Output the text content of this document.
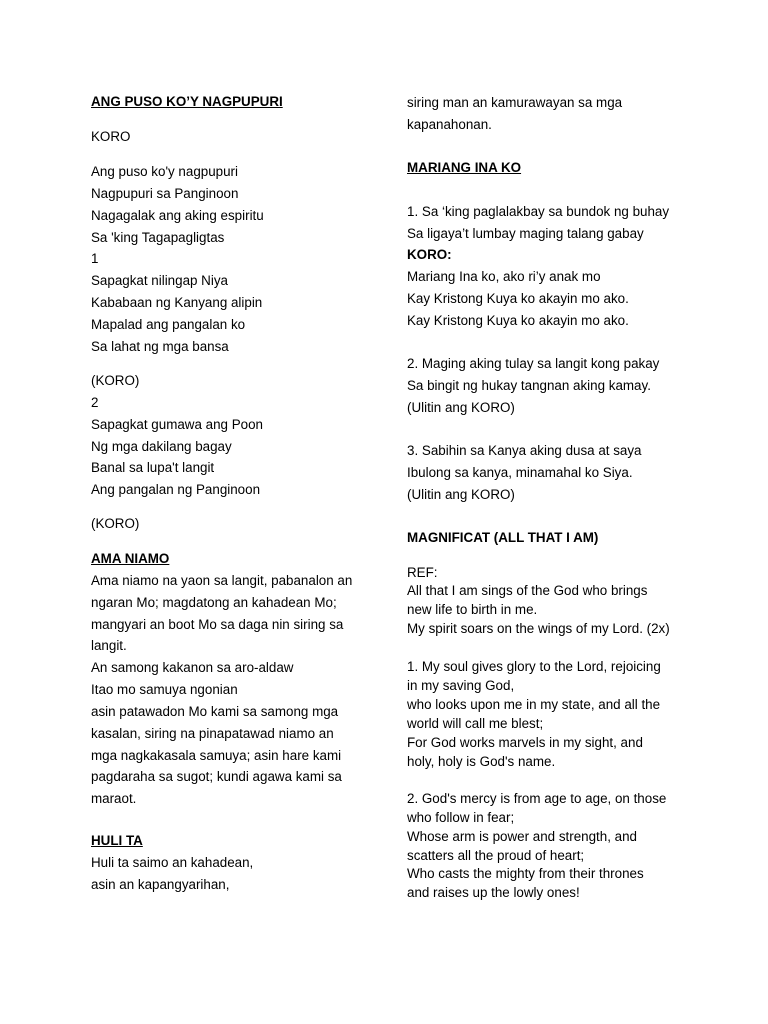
ANG PUSO KO’Y NAGPUPURI
KORO
Ang puso ko'y nagpupuri
Nagpupuri sa Panginoon
Nagagalak ang aking espiritu
Sa 'king Tagapagligtas
1
Sapagkat nilingap Niya
Kababaan ng Kanyang alipin
Mapalad ang pangalan ko
Sa lahat ng mga bansa
(KORO)
2
Sapagkat gumawa ang Poon
Ng mga dakilang bagay
Banal sa lupa't langit
Ang pangalan ng Panginoon
(KORO)
AMA NIAMO
Ama niamo na yaon sa langit, pabanalon an
ngaran Mo; magdatong an kahadean Mo;
mangyari an boot Mo sa daga nin siring sa
langit.
An samong kakanon sa aro-aldaw
Itao mo samuya ngonian
asin patawadon Mo kami sa samong mga
kasalan, siring na pinapatawad niamo an
mga nagkakasala samuya; asin hare kami
pagdaraha sa sugot; kundi agawa kami sa
maraot.
HULI TA
Huli ta saimo an kahadean,
asin an kapangyarihan,
siring man an kamurawayan sa mga
kapanahonan.
MARIANG INA KO
1. Sa ‘king paglalakbay sa bundok ng buhay
Sa ligaya’t lumbay maging talang gabay
KORO:
Mariang Ina ko, ako ri’y anak mo
Kay Kristong Kuya ko akayin mo ako.
Kay Kristong Kuya ko akayin mo ako.
2. Maging aking tulay sa langit kong pakay
Sa bingit ng hukay tangnan aking kamay.
(Ulitin ang KORO)
3. Sabihin sa Kanya aking dusa at saya
Ibulong sa kanya, minamahal ko Siya.
(Ulitin ang KORO)
MAGNIFICAT (ALL THAT I AM)
REF:
All that I am sings of the God who brings
new life to birth in me.
My spirit soars on the wings of my Lord. (2x)
1. My soul gives glory to the Lord, rejoicing
in my saving God,
who looks upon me in my state, and all the
world will call me blest;
For God works marvels in my sight, and
holy, holy is God's name.
2. God's mercy is from age to age, on those
who follow in fear;
Whose arm is power and strength, and
scatters all the proud of heart;
Who casts the mighty from their thrones
and raises up the lowly ones!
